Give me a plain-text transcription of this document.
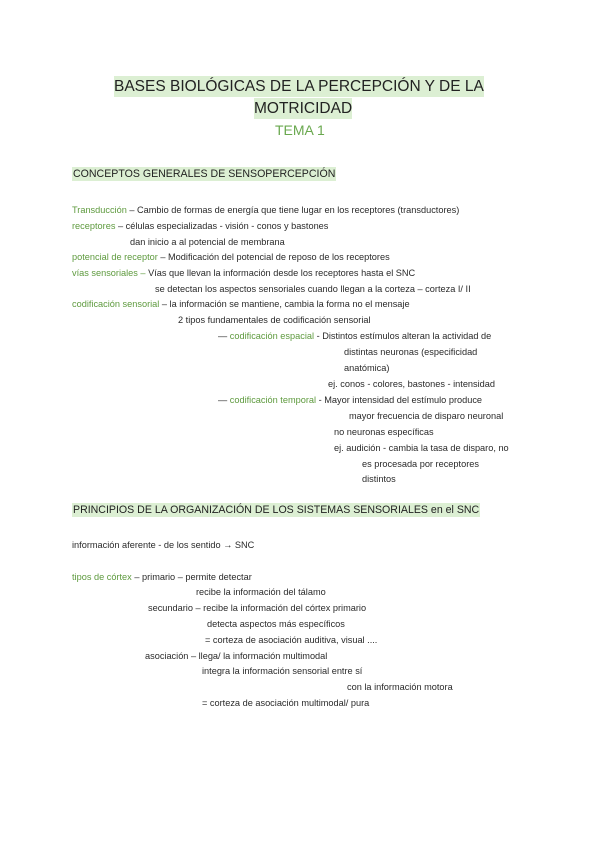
BASES BIOLÓGICAS DE LA PERCEPCIÓN Y DE LA
MOTRICIDAD
TEMA 1
CONCEPTOS GENERALES DE SENSOPERCEPCIÓN
Transducción – Cambio de formas de energía que tiene lugar en los receptores (transductores)
receptores – células especializadas - visión - conos y bastones
dan inicio a al potencial de membrana
potencial de receptor – Modificación del potencial de reposo de los receptores
vías sensoriales – Vías que llevan la información desde los receptores hasta el SNC
se detectan los aspectos sensoriales cuando llegan a la corteza – corteza I/ II
codificación sensorial – la información se mantiene, cambia la forma no el mensaje
2 tipos fundamentales de codificación sensorial
— codificación espacial - Distintos estímulos alteran la actividad de
distintas neuronas (especificidad
anatómica)
ej. conos - colores, bastones - intensidad
— codificación temporal - Mayor intensidad del estímulo produce
mayor frecuencia de disparo neuronal
no neuronas específicas
ej. audición - cambia la tasa de disparo, no
es procesada por receptores
distintos
PRINCIPIOS DE LA ORGANIZACIÓN DE LOS SISTEMAS SENSORIALES en el SNC
información aferente - de los sentido → SNC
tipos de córtex – primario – permite detectar
recibe la información del tálamo
secundario – recibe la información del córtex primario
detecta aspectos más específicos
= corteza de asociación auditiva, visual ....
asociación – llega/ la información multimodal
integra la información sensorial entre sí
con la información motora
= corteza de asociación multimodal/ pura
